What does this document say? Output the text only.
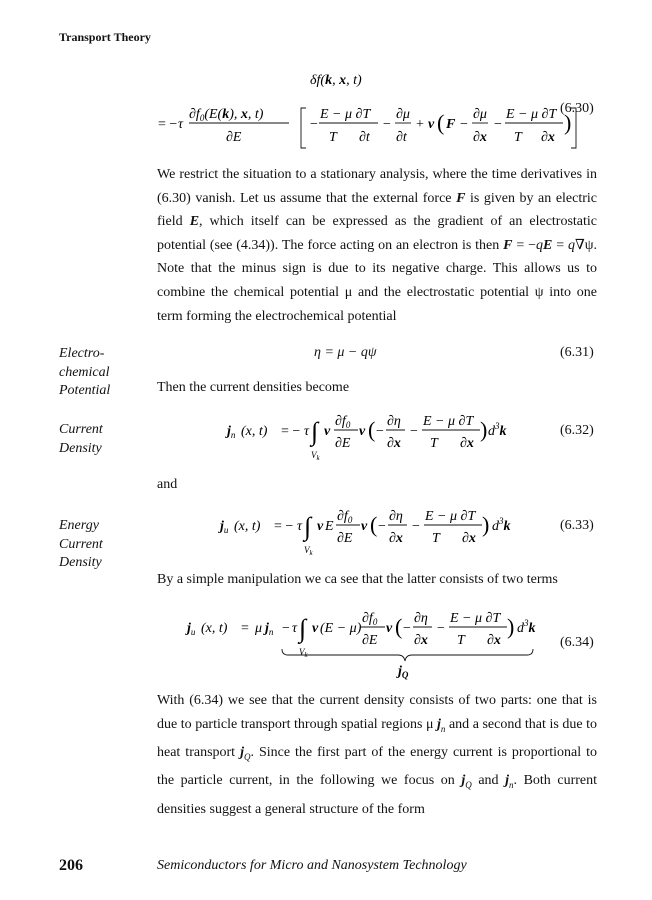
Transport Theory
δf(k, x, t)
= − τ
$\partial f_0(E(k)$, x, t)
∂E
−
E − μ ∂T
T ∂t
−
∂μ
∂t
+ v ( F −
∂μ
∂x
−
E − μ ∂T
T ∂x
)
(6.30)
We restrict the situation to a stationary analysis, where the time derivatives in (6.30) vanish. Let us assume that the external force F is given by an electric field E, which itself can be expressed as the gradient of an electrostatic potential (see (4.34)). The force acting on an electron is then F = −qE = q∇ψ. Note that the minus sign is due to its negative charge. This allows us to combine the chemical potential μ and the electrostatic potential ψ into one term forming the electrochemical potential
Electro-
chemical
Potential
η = μ − qψ	(6.31)
Then the current densities become
Current
Density
$j_n$ (x, t) = − τ ∫
$V_k$
v
$\partial f_0$
∂E
v ( −
∂η
∂x
−
E − μ ∂T
T ∂x
) $d^3k$	(6.32)
and
Energy
Current
Density
$j_u$ (x, t) = − τ ∫
$V_k$
v E
$\partial f_0$
∂E
v ( −
∂η
∂x
−
E − μ ∂T
T ∂x
) $d^3k$	(6.33)
By a simple manipulation we ca see that the latter consists of two terms
$j_u$ (x, t) = μ $j_n - \tau$ ∫
$V_k$
v (E − μ)
$\partial f_0$
∂E
v ( −
∂η
∂x
−
E − μ ∂T
T ∂x
) $d^3k$
$j_Q$
(6.34)
With (6.34) we see that the current density consists of two parts: one that is due to particle transport through spatial regions μ $j_n$ and a second that is due to heat transport $j_Q$. Since the first part of the energy current is proportional to the particle current, in the following we focus on $j_Q$ and $j_n$. Both current densities suggest a general structure of the form
206	Semiconductors for Micro and Nanosystem Technology
